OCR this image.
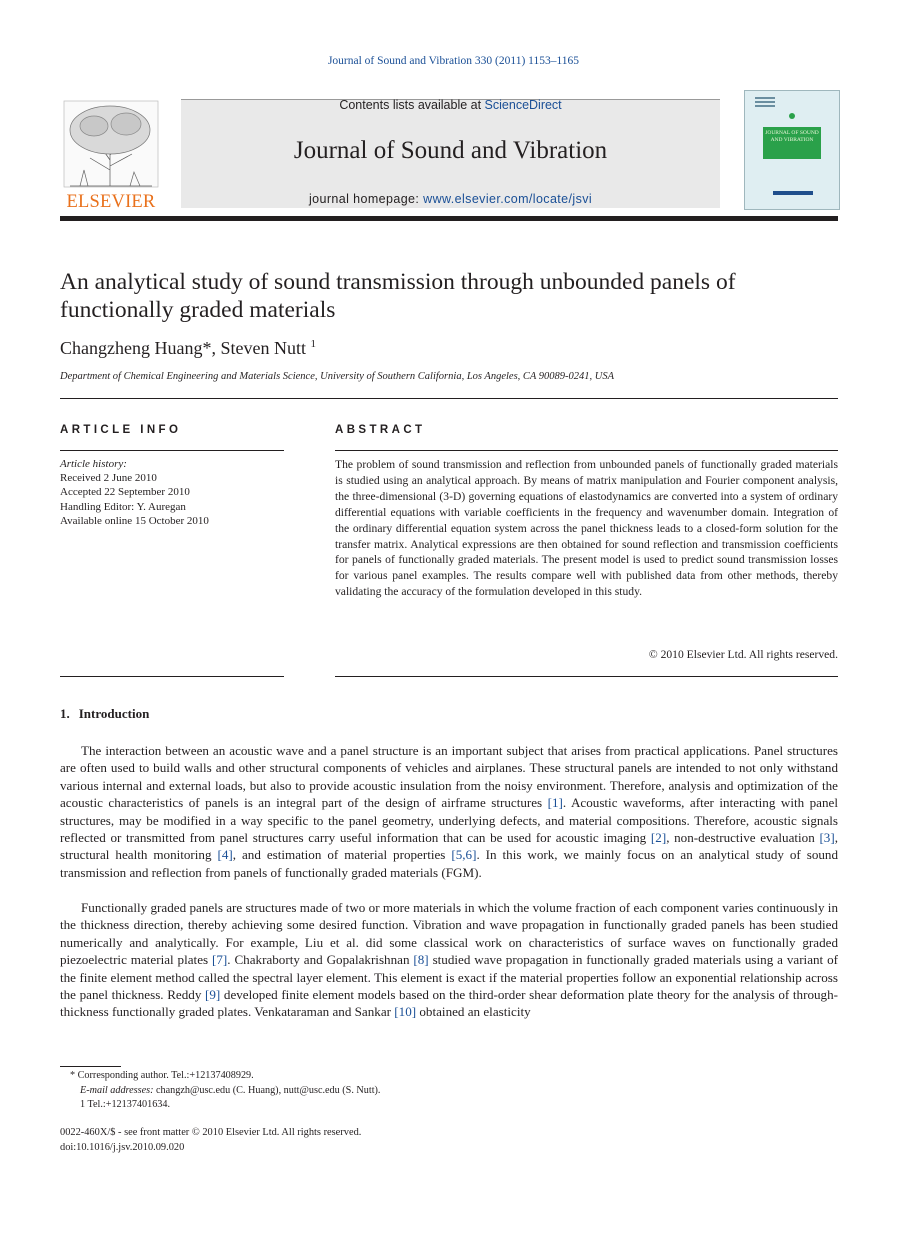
Journal of Sound and Vibration 330 (2011) 1153–1165
ELSEVIER
Contents lists available at ScienceDirect
Journal of Sound and Vibration
journal homepage: www.elsevier.com/locate/jsvi
JOURNAL OF SOUND AND VIBRATION
An analytical study of sound transmission through unbounded panels of functionally graded materials
Changzheng Huang*, Steven Nutt $^1$
Department of Chemical Engineering and Materials Science, University of Southern California, Los Angeles, CA 90089-0241, USA
ARTICLE INFO
Article history:
Received 2 June 2010
Accepted 22 September 2010
Handling Editor: Y. Auregan
Available online 15 October 2010
ABSTRACT
The problem of sound transmission and reflection from unbounded panels of functionally graded materials is studied using an analytical approach. By means of matrix manipulation and Fourier component analysis, the three-dimensional (3-D) governing equations of elastodynamics are converted into a system of ordinary differential equations with variable coefficients in the frequency and wavenumber domain. Integration of the ordinary differential equation system across the panel thickness leads to a closed-form solution for the transfer matrix. Analytical expressions are then obtained for sound reflection and transmission coefficients for panels of functionally graded materials. The present model is used to predict sound transmission losses for various panel examples. The results compare well with published data from other methods, thereby validating the accuracy of the formulation developed in this study.
© 2010 Elsevier Ltd. All rights reserved.
1. Introduction
The interaction between an acoustic wave and a panel structure is an important subject that arises from practical applications. Panel structures are often used to build walls and other structural components of vehicles and airplanes. These structural panels are intended to not only withstand various internal and external loads, but also to provide acoustic insulation from the noisy environment. Therefore, analysis and optimization of the acoustic characteristics of panels is an integral part of the design of airframe structures [1]. Acoustic waveforms, after interacting with panel structures, may be modified in a way specific to the panel geometry, underlying defects, and material compositions. Therefore, acoustic signals reflected or transmitted from panel structures carry useful information that can be used for acoustic imaging [2], non-destructive evaluation [3], structural health monitoring [4], and estimation of material properties [5,6]. In this work, we mainly focus on an analytical study of sound transmission and reflection from panels of functionally graded materials (FGM).
Functionally graded panels are structures made of two or more materials in which the volume fraction of each component varies continuously in the thickness direction, thereby achieving some desired function. Vibration and wave propagation in functionally graded panels has been studied numerically and analytically. For example, Liu et al. did some classical work on characteristics of surface waves on functionally graded piezoelectric material plates [7]. Chakraborty and Gopalakrishnan [8] studied wave propagation in functionally graded materials using a variant of the finite element method called the spectral layer element. This element is exact if the material properties follow an exponential relationship across the panel thickness. Reddy [9] developed finite element models based on the third-order shear deformation plate theory for the analysis of through-thickness functionally graded plates. Venkataraman and Sankar [10] obtained an elasticity
* Corresponding author. Tel.:+12137408929.
E-mail addresses: changzh@usc.edu (C. Huang), nutt@usc.edu (S. Nutt).
1 Tel.:+12137401634.
0022-460X/$ - see front matter © 2010 Elsevier Ltd. All rights reserved.
doi:10.1016/j.jsv.2010.09.020
